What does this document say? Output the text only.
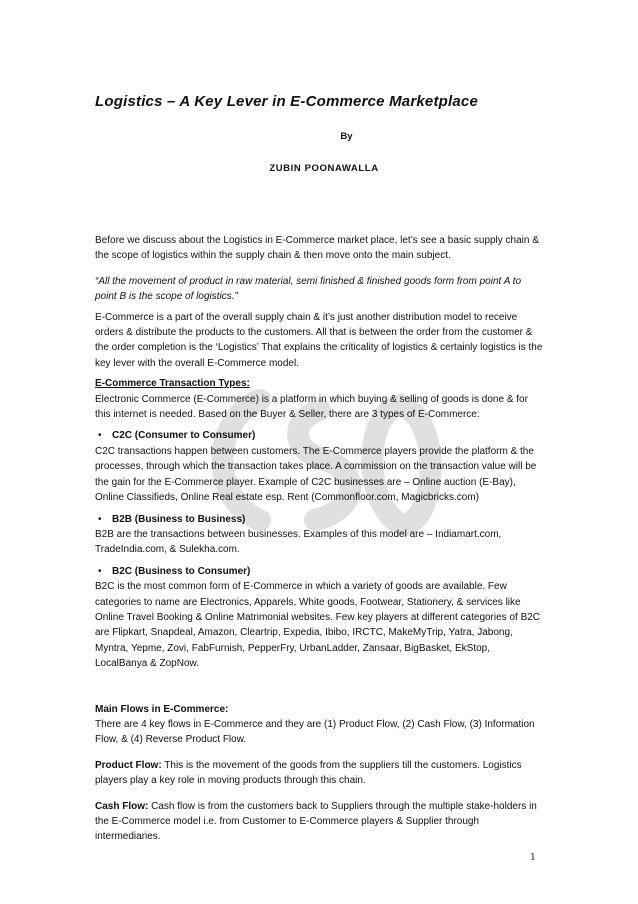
Logistics – A Key Lever in E-Commerce Marketplace
By
ZUBIN POONAWALLA

Before we discuss about the Logistics in E-Commerce market place, let’s see a basic supply chain & the scope of logistics within the supply chain & then move onto the main subject.

“All the movement of product in raw material, semi finished & finished goods form from point A to point B is the scope of logistics.”

E-Commerce is a part of the overall supply chain & it’s just another distribution model to receive orders & distribute the products to the customers. All that is between the order from the customer & the order completion is the ‘Logistics’ That explains the criticality of logistics & certainly logistics is the key lever with the overall E-Commerce model.

E-Commerce Transaction Types:

Electronic Commerce (E-Commerce) is a platform in which buying & selling of goods is done & for this internet is needed. Based on the Buyer & Seller, there are 3 types of E-Commerce:

• C2C (Consumer to Consumer)

C2C transactions happen between customers. The E-Commerce players provide the platform & the processes, through which the transaction takes place. A commission on the transaction value will be the gain for the E-Commerce player. Example of C2C businesses are – Online auction (E-Bay), Online Classifieds, Online Real estate esp. Rent (Commonfloor.com, Magicbricks.com)

• B2B (Business to Business)

B2B are the transactions between businesses. Examples of this model are – Indiamart.com, TradeIndia.com, & Sulekha.com.

• B2C (Business to Consumer)

B2C is the most common form of E-Commerce in which a variety of goods are available. Few categories to name are Electronics, Apparels, White goods, Footwear, Stationery, & services like Online Travel Booking & Online Matrimonial websites. Few key players at different categories of B2C are Flipkart, Snapdeal, Amazon, Cleartrip, Expedia, Ibibo, IRCTC, MakeMyTrip, Yatra, Jabong, Myntra, Yepme, Zovi, FabFurnish, PepperFry, UrbanLadder, Zansaar, BigBasket, EkStop, LocalBanya & ZopNow.

Main Flows in E-Commerce:

There are 4 key flows in E-Commerce and they are (1) Product Flow, (2) Cash Flow, (3) Information Flow, & (4) Reverse Product Flow.

Product Flow: This is the movement of the goods from the suppliers till the customers. Logistics players play a key role in moving products through this chain.

Cash Flow: Cash flow is from the customers back to Suppliers through the multiple stake-holders in the E-Commerce model i.e. from Customer to E-Commerce players & Supplier through intermediaries.

1
